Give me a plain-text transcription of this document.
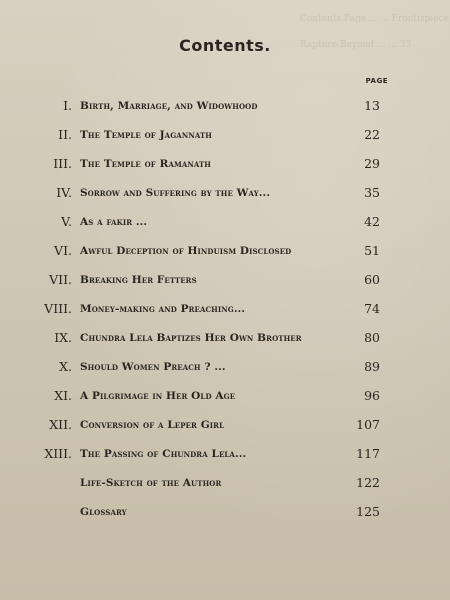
Contents Page ... ... Frontispiece
Rapture Beyond ... ... 33
Contents.
PAGE
I. Birth, Marriage, and Widowhood	13
II. The Temple of Jagannath	22
III. The Temple of Ramanath	29
IV. Sorrow and Suffering by the Way...	35
V. As a fakir ...	42
VI. Awful Deception of Hinduism Disclosed	51
VII. Breaking Her Fetters	60
VIII. Money-making and Preaching...	74
IX. Chundra Lela Baptizes Her Own Brother	80
X. Should Women Preach ? ...	89
XI. A Pilgrimage in Her Old Age	96
XII. Conversion of a Leper Girl	107
XIII. The Passing of Chundra Lela...	117
Life-Sketch of the Author	122
Glossary	125
